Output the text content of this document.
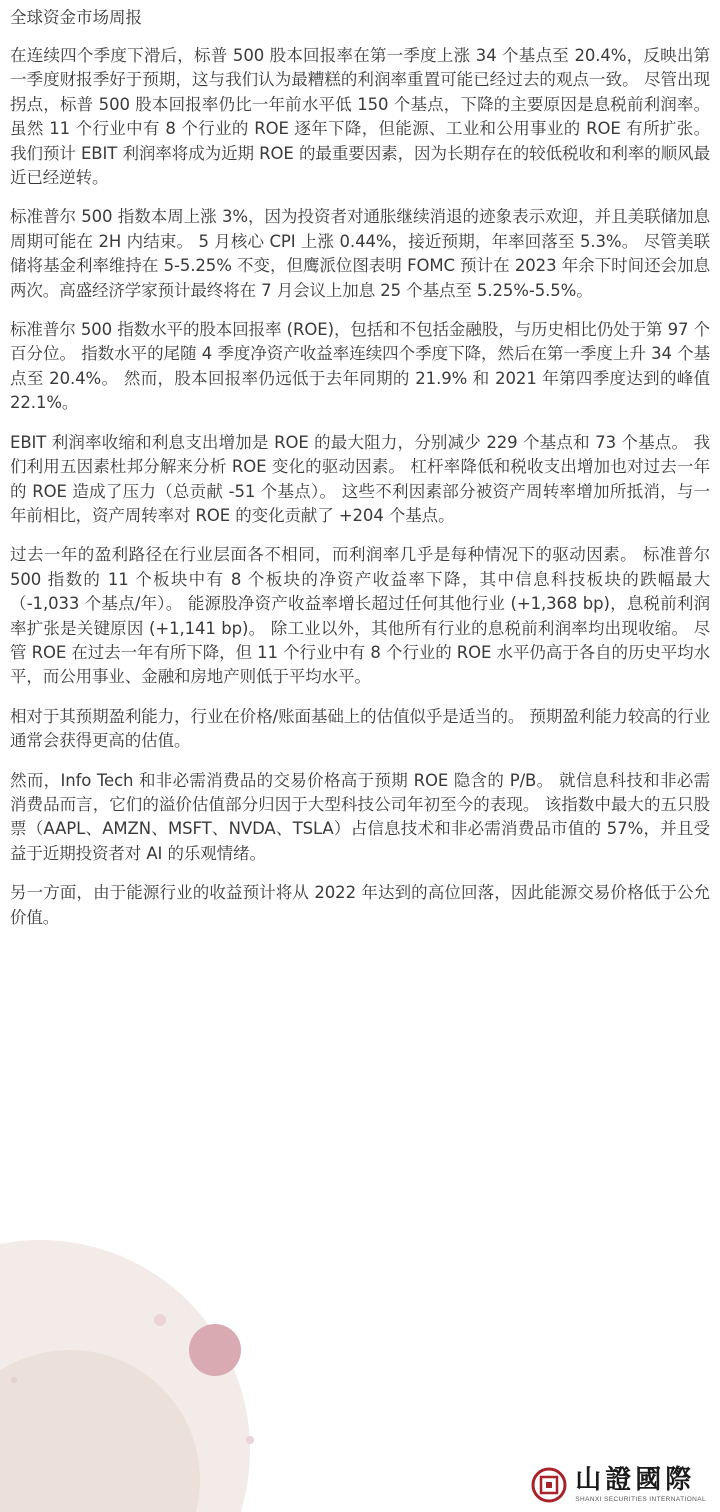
全球资金市场周报

在连续四个季度下滑后，标普 500 股本回报率在第一季度上涨 34 个基点至 20.4%，反映出第一季度财报季好于预期，这与我们认为最糟糕的利润率重置可能已经过去的观点一致。 尽管出现拐点，标普 500 股本回报率仍比一年前水平低 150 个基点，下降的主要原因是息税前利润率。 虽然 11 个行业中有 8 个行业的 ROE 逐年下降，但能源、工业和公用事业的 ROE 有所扩张。 我们预计 EBIT 利润率将成为近期 ROE 的最重要因素，因为长期存在的较低税收和利率的顺风最近已经逆转。

标准普尔 500 指数本周上涨 3%，因为投资者对通胀继续消退的迹象表示欢迎，并且美联储加息周期可能在 2H 内结束。 5 月核心 CPI 上涨 0.44%，接近预期，年率回落至 5.3%。 尽管美联储将基金利率维持在 5-5.25% 不变，但鹰派位图表明 FOMC 预计在 2023 年余下时间还会加息两次。高盛经济学家预计最终将在 7 月会议上加息 25 个基点至 5.25%-5.5%。

标准普尔 500 指数水平的股本回报率 (ROE)，包括和不包括金融股，与历史相比仍处于第 97 个百分位。 指数水平的尾随 4 季度净资产收益率连续四个季度下降，然后在第一季度上升 34 个基点至 20.4%。 然而，股本回报率仍远低于去年同期的 21.9% 和 2021 年第四季度达到的峰值 22.1%。

EBIT 利润率收缩和利息支出增加是 ROE 的最大阻力，分别减少 229 个基点和 73 个基点。 我们利用五因素杜邦分解来分析 ROE 变化的驱动因素。 杠杆率降低和税收支出增加也对过去一年的 ROE 造成了压力（总贡献 -51 个基点）。 这些不利因素部分被资产周转率增加所抵消，与一年前相比，资产周转率对 ROE 的变化贡献了 +204 个基点。

过去一年的盈利路径在行业层面各不相同，而利润率几乎是每种情况下的驱动因素。 标准普尔 500 指数的 11 个板块中有 8 个板块的净资产收益率下降，其中信息科技板块的跌幅最大（-1,033 个基点/年）。 能源股净资产收益率增长超过任何其他行业 (+1,368 bp)，息税前利润率扩张是关键原因 (+1,141 bp)。 除工业以外，其他所有行业的息税前利润率均出现收缩。 尽管 ROE 在过去一年有所下降，但 11 个行业中有 8 个行业的 ROE 水平仍高于各自的历史平均水平，而公用事业、金融和房地产则低于平均水平。

相对于其预期盈利能力，行业在价格/账面基础上的估值似乎是适当的。 预期盈利能力较高的行业通常会获得更高的估值。

然而，Info Tech 和非必需消费品的交易价格高于预期 ROE 隐含的 P/B。 就信息科技和非必需消费品而言，它们的溢价估值部分归因于大型科技公司年初至今的表现。 该指数中最大的五只股票（AAPL、AMZN、MSFT、NVDA、TSLA）占信息技术和非必需消费品市值的 57%，并且受益于近期投资者对 AI 的乐观情绪。

另一方面，由于能源行业的收益预计将从 2022 年达到的高位回落，因此能源交易价格低于公允价值。

山證國際
SHANXI SECURITIES INTERNATIONAL
